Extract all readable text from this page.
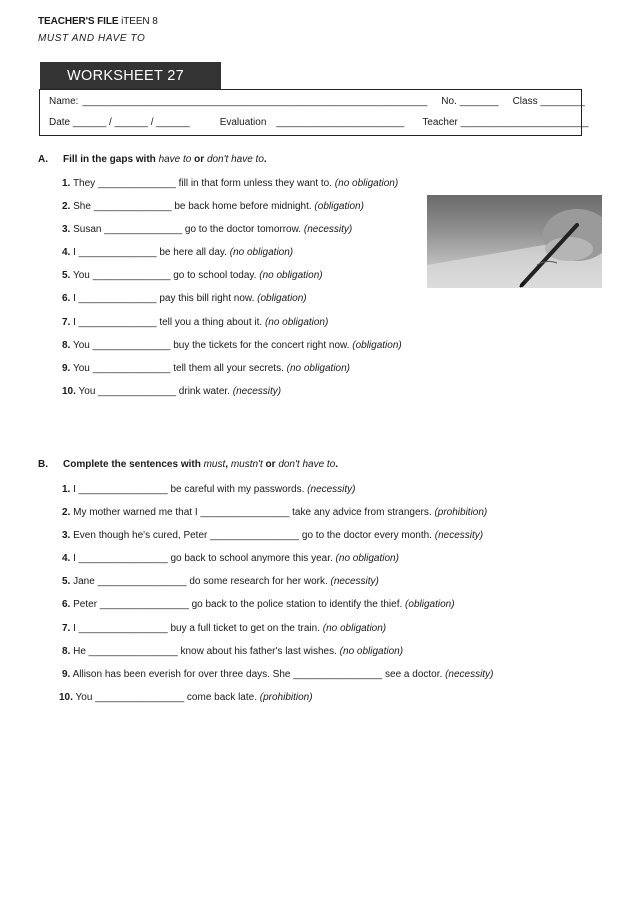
TEACHER'S FILE iTEEN 8
MUST AND HAVE TO
WORKSHEET 27
Name: ______________________________________________________________ No. _______ Class ________
Date ______ / ______ / ______	Evaluation _______________________ Teacher _______________________
A. Fill in the gaps with have to or don't have to.
1. They ______________ fill in that form unless they want to. (no obligation)
2. She ______________ be back home before midnight. (obligation)
3. Susan ______________ go to the doctor tomorrow. (necessity)
4. I ______________ be here all day. (no obligation)
5. You ______________ go to school today. (no obligation)
6. I ______________ pay this bill right now. (obligation)
7. I ______________ tell you a thing about it. (no obligation)
8. You ______________ buy the tickets for the concert right now. (obligation)
9. You ______________ tell them all your secrets. (no obligation)
10. You ______________ drink water. (necessity)
B. Complete the sentences with must, mustn't or don't have to.
1. I ________________ be careful with my passwords. (necessity)
2. My mother warned me that I ________________ take any advice from strangers. (prohibition)
3. Even though he's cured, Peter ________________ go to the doctor every month. (necessity)
4. I ________________ go back to school anymore this year. (no obligation)
5. Jane ________________ do some research for her work. (necessity)
6. Peter ________________ go back to the police station to identify the thief. (obligation)
7. I ________________ buy a full ticket to get on the train. (no obligation)
8. He ________________ know about his father's last wishes. (no obligation)
9. Allison has been everish for over three days. She ________________ see a doctor. (necessity)
10. You ________________ come back late. (prohibition)
